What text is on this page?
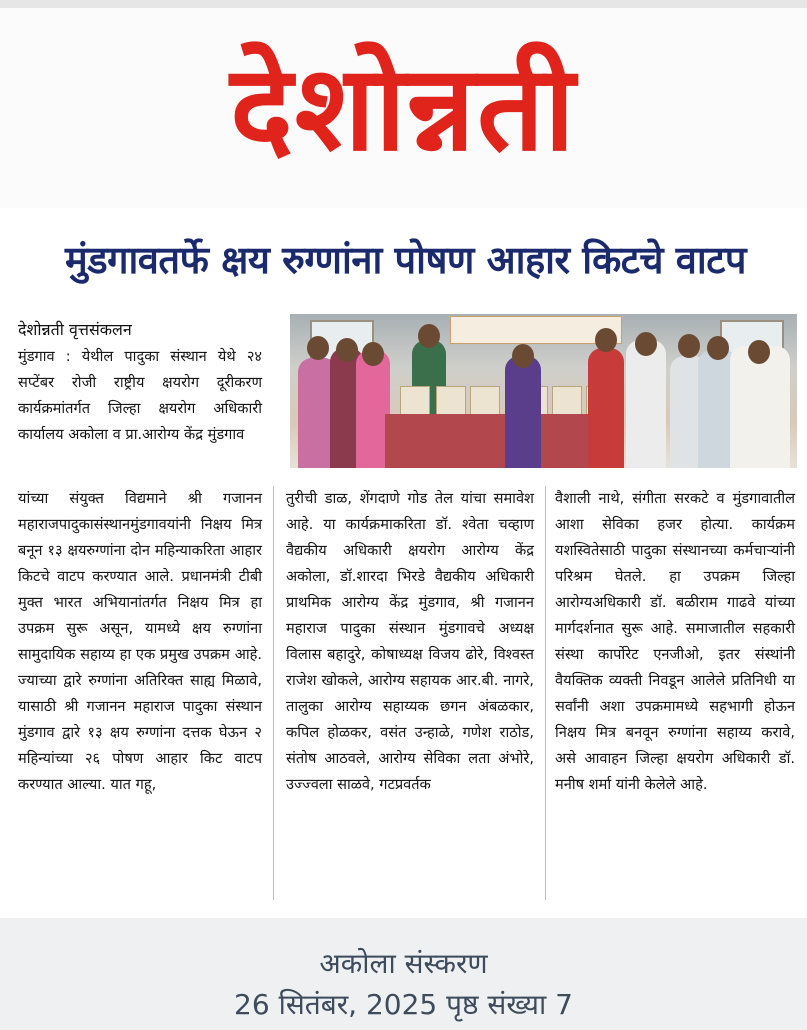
देशोन्नती
मुंडगावतर्फे क्षय रुग्णांना पोषण आहार किटचे वाटप
देशोन्नती वृत्तसंकलन
मुंडगाव : येथील पादुका संस्थान येथे २४ सप्टेंबर रोजी राष्ट्रीय क्षयरोग दूरीकरण कार्यक्रमांतर्गत जिल्हा क्षयरोग अधिकारी कार्यालय अकोला व प्रा.आरोग्य केंद्र मुंडगाव
यांच्या संयुक्त विद्यमाने श्री गजानन महाराजपादुकासंस्थानमुंडगावयांनी निक्षय मित्र बनून १३ क्षयरुग्णांना दोन महिन्याकरिता आहार किटचे वाटप करण्यात आले. प्रधानमंत्री टीबी मुक्त भारत अभियानांतर्गत निक्षय मित्र हा उपक्रम सुरू असून, यामध्ये क्षय रुग्णांना सामुदायिक सहाय्य हा एक प्रमुख उपक्रम आहे. ज्याच्या द्वारे रुग्णांना अतिरिक्त साह्य मिळावे, यासाठी श्री गजानन महाराज पादुका संस्थान मुंडगाव द्वारे १३ क्षय रुग्णांना दत्तक घेऊन २ महिन्यांच्या २६ पोषण आहार किट वाटप करण्यात आल्या. यात गहू,
तुरीची डाळ, शेंगदाणे गोड तेल यांचा समावेश आहे. या कार्यक्रमाकरिता डॉ. श्वेता चव्हाण वैद्यकीय अधिकारी क्षयरोग आरोग्य केंद्र अकोला, डॉ.शारदा भिरडे वैद्यकीय अधिकारी प्राथमिक आरोग्य केंद्र मुंडगाव, श्री गजानन महाराज पादुका संस्थान मुंडगावचे अध्यक्ष विलास बहादुरे, कोषाध्यक्ष विजय ढोरे, विश्वस्त राजेश खोकले, आरोग्य सहायक आर.बी. नागरे, तालुका आरोग्य सहाय्यक छगन अंबळकार, कपिल होळकर, वसंत उन्हाळे, गणेश राठोड, संतोष आठवले, आरोग्य सेविका लता अंभोरे, उज्ज्वला साळवे, गटप्रवर्तक
वैशाली नाथे, संगीता सरकटे व मुंडगावातील आशा सेविका हजर होत्या. कार्यक्रम यशस्वितेसाठी पादुका संस्थानच्या कर्मचाऱ्यांनी परिश्रम घेतले. हा उपक्रम जिल्हा आरोग्यअधिकारी डॉ. बळीराम गाढवे यांच्या मार्गदर्शनात सुरू आहे. समाजातील सहकारी संस्था कार्पोरेट एनजीओ, इतर संस्थांनी वैयक्तिक व्यक्ती निवडून आलेले प्रतिनिधी या सर्वांनी अशा उपक्रमामध्ये सहभागी होऊन निक्षय मित्र बनवून रुग्णांना सहाय्य करावे, असे आवाहन जिल्हा क्षयरोग अधिकारी डॉ. मनीष शर्मा यांनी केलेले आहे.
अकोला संस्करण
26 सितंबर, 2025 पृष्ठ संख्या 7
